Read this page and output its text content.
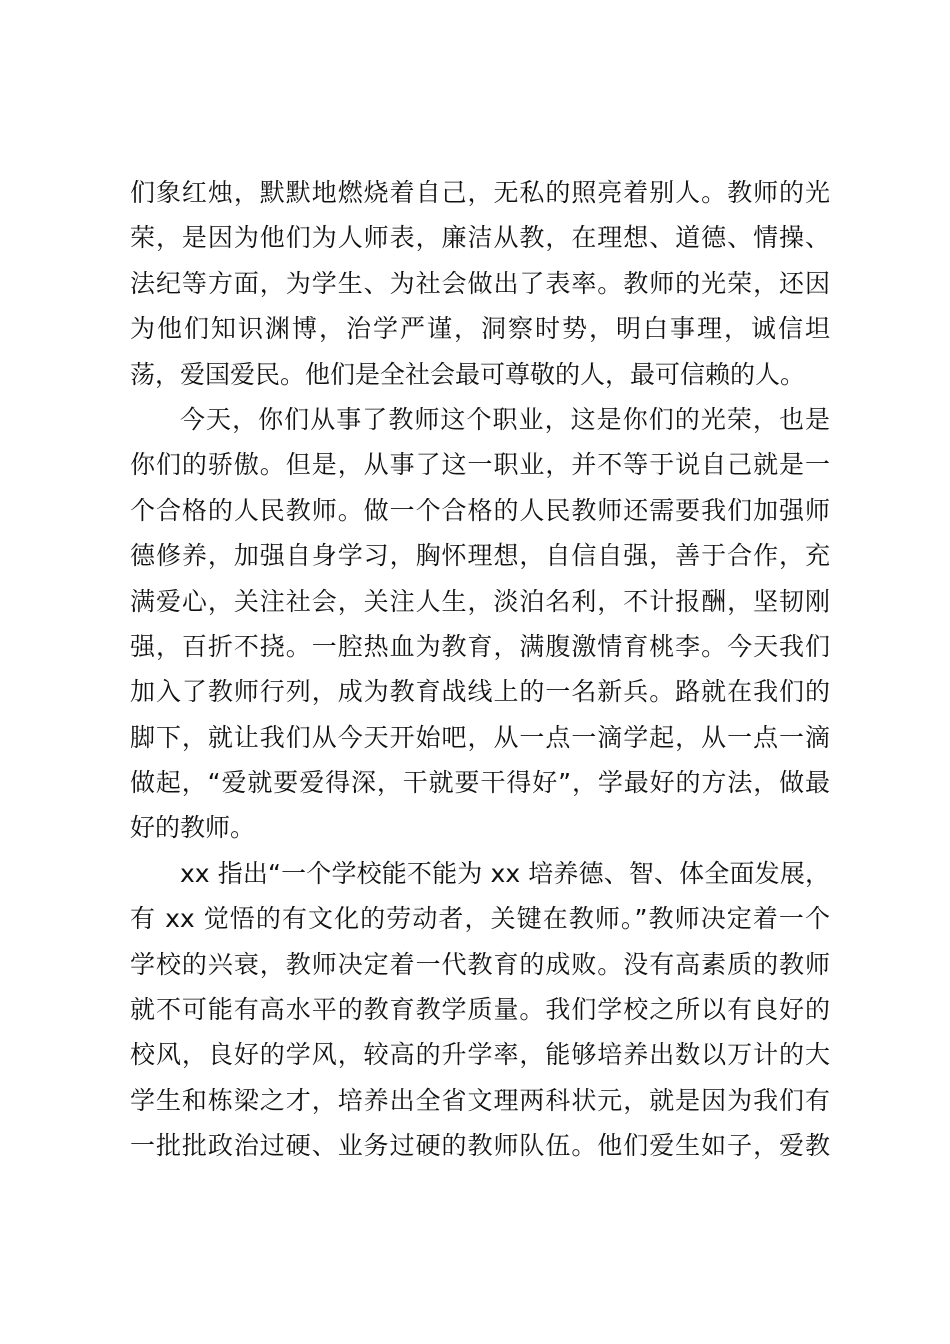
们象红烛，默默地燃烧着自己，无私的照亮着别人。教师的光
荣，是因为他们为人师表，廉洁从教，在理想、道德、情操、
法纪等方面，为学生、为社会做出了表率。教师的光荣，还因
为他们知识渊博，治学严谨，洞察时势，明白事理，诚信坦
荡，爱国爱民。他们是全社会最可尊敬的人，最可信赖的人。
今天，你们从事了教师这个职业，这是你们的光荣，也是
你们的骄傲。但是，从事了这一职业，并不等于说自己就是一
个合格的人民教师。做一个合格的人民教师还需要我们加强师
德修养，加强自身学习，胸怀理想，自信自强，善于合作，充
满爱心，关注社会，关注人生，淡泊名利，不计报酬，坚韧刚
强，百折不挠。一腔热血为教育，满腹激情育桃李。今天我们
加入了教师行列，成为教育战线上的一名新兵。路就在我们的
脚下，就让我们从今天开始吧，从一点一滴学起，从一点一滴
做起，“爱就要爱得深，干就要干得好”，学最好的方法，做最
好的教师。
xx 指出“一个学校能不能为 xx 培养德、智、体全面发展，
有 xx 觉悟的有文化的劳动者，关键在教师。”教师决定着一个
学校的兴衰，教师决定着一代教育的成败。没有高素质的教师
就不可能有高水平的教育教学质量。我们学校之所以有良好的
校风，良好的学风，较高的升学率，能够培养出数以万计的大
学生和栋梁之才，培养出全省文理两科状元，就是因为我们有
一批批政治过硬、业务过硬的教师队伍。他们爱生如子，爱教
